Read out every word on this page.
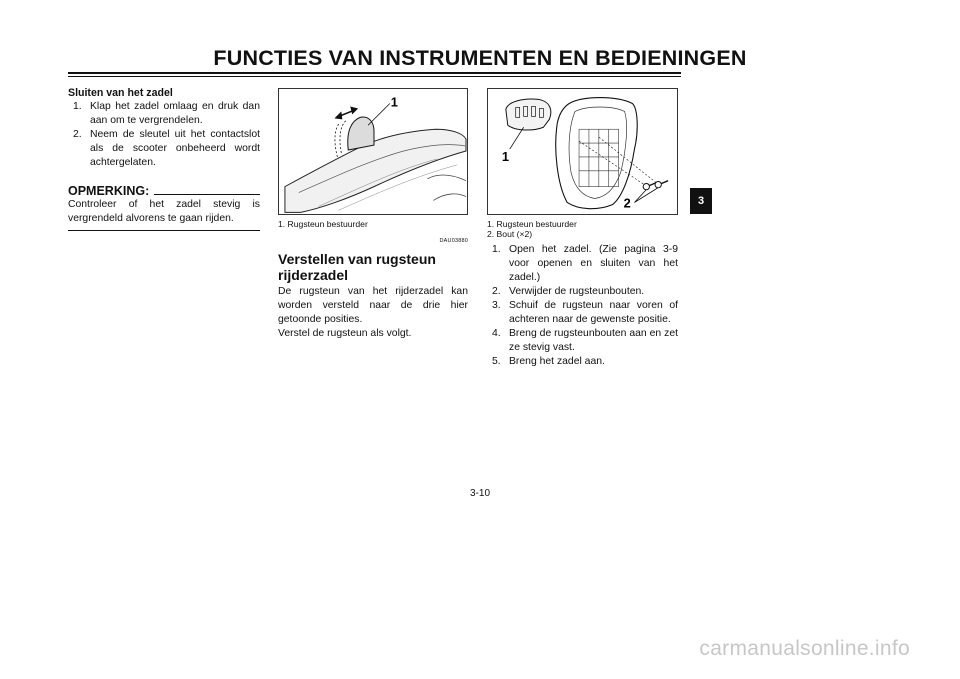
FUNCTIES VAN INSTRUMENTEN EN BEDIENINGEN
3
Sluiten van het zadel
1. Klap het zadel omlaag en druk dan aan om te vergrendelen.
2. Neem de sleutel uit het contactslot als de scooter onbeheerd wordt achtergelaten.
OPMERKING:
Controleer of het zadel stevig is vergrendeld alvorens te gaan rijden.
1
1. Rugsteun bestuurder
DAU03880
Verstellen van rugsteun rijderzadel
De rugsteun van het rijderzadel kan worden versteld naar de drie hier getoonde posities.
Verstel de rugsteun als volgt.
1
2
1. Rugsteun bestuurder
2. Bout (×2)
1. Open het zadel. (Zie pagina 3-9 voor openen en sluiten van het zadel.)
2. Verwijder de rugsteunbouten.
3. Schuif de rugsteun naar voren of achteren naar de gewenste positie.
4. Breng de rugsteunbouten aan en zet ze stevig vast.
5. Breng het zadel aan.
3-10
carmanualsonline.info
